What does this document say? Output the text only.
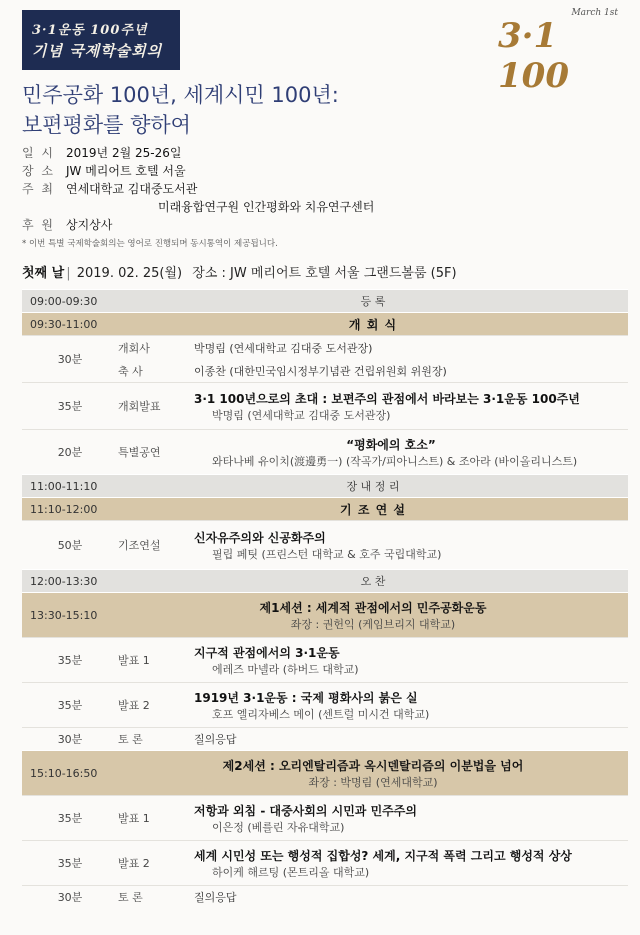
3·1운동 100주년
기념 국제학술회의
March 1st
3·1 100
민주공화 100년, 세계시민 100년:
보편평화를 향하여
일 시 2019년 2월 25-26일
장 소 JW 메리어트 호텔 서울
주 최 연세대학교 김대중도서관
미래융합연구원 인간평화와 치유연구센터
후 원 상지상사
* 이번 특별 국제학술회의는 영어로 진행되며 동시통역이 제공됩니다.
첫째 날 | 2019. 02. 25(월) 장소 : JW 메리어트 호텔 서울 그랜드볼룸 (5F)
09:00-09:30	등 록	
09:30-11:00	개 회 식	
30분	개회사	박명림 (연세대학교 김대중 도서관장)
	축 사	이종찬 (대한민국임시정부기념관 건립위원회 위원장)
35분	개회발표	3·1 100년으로의 초대 : 보편주의 관점에서 바라보는 3·1운동 100주년
박명림 (연세대학교 김대중 도서관장)

20분	특별공연	“평화에의 호소”
와타나베 유이치(渡邊勇一) (작곡가/피아니스트) & 조아라 (바이올리니스트)

11:00-11:10	장 내 정 리	
11:10-12:00	기 조 연 설	
50분	기조연설	신자유주의와 신공화주의
필립 페팃 (프린스턴 대학교 & 호주 국립대학교)

12:00-13:30	오 찬	
13:30-15:10	제1세션 : 세계적 관점에서의 민주공화운동
좌장 : 권헌익 (케임브리지 대학교)	

35분	발표 1	지구적 관점에서의 3·1운동
에레즈 마넬라 (하버드 대학교)

35분	발표 2	1919년 3·1운동 : 국제 평화사의 붉은 실
호프 엘리자베스 메이 (센트럴 미시건 대학교)

30분	토 론	질의응답
15:10-16:50	제2세션 : 오리엔탈리즘과 옥시덴탈리즘의 이분법을 넘어
좌장 : 박명림 (연세대학교)	

35분	발표 1	저항과 외침 - 대중사회의 시민과 민주주의
이은정 (베를린 자유대학교)

35분	발표 2	세계 시민성 또는 행성적 집합성? 세계, 지구적 폭력 그리고 행성적 상상
하이케 해르팅 (몬트리올 대학교)

30분	토 론	질의응답
